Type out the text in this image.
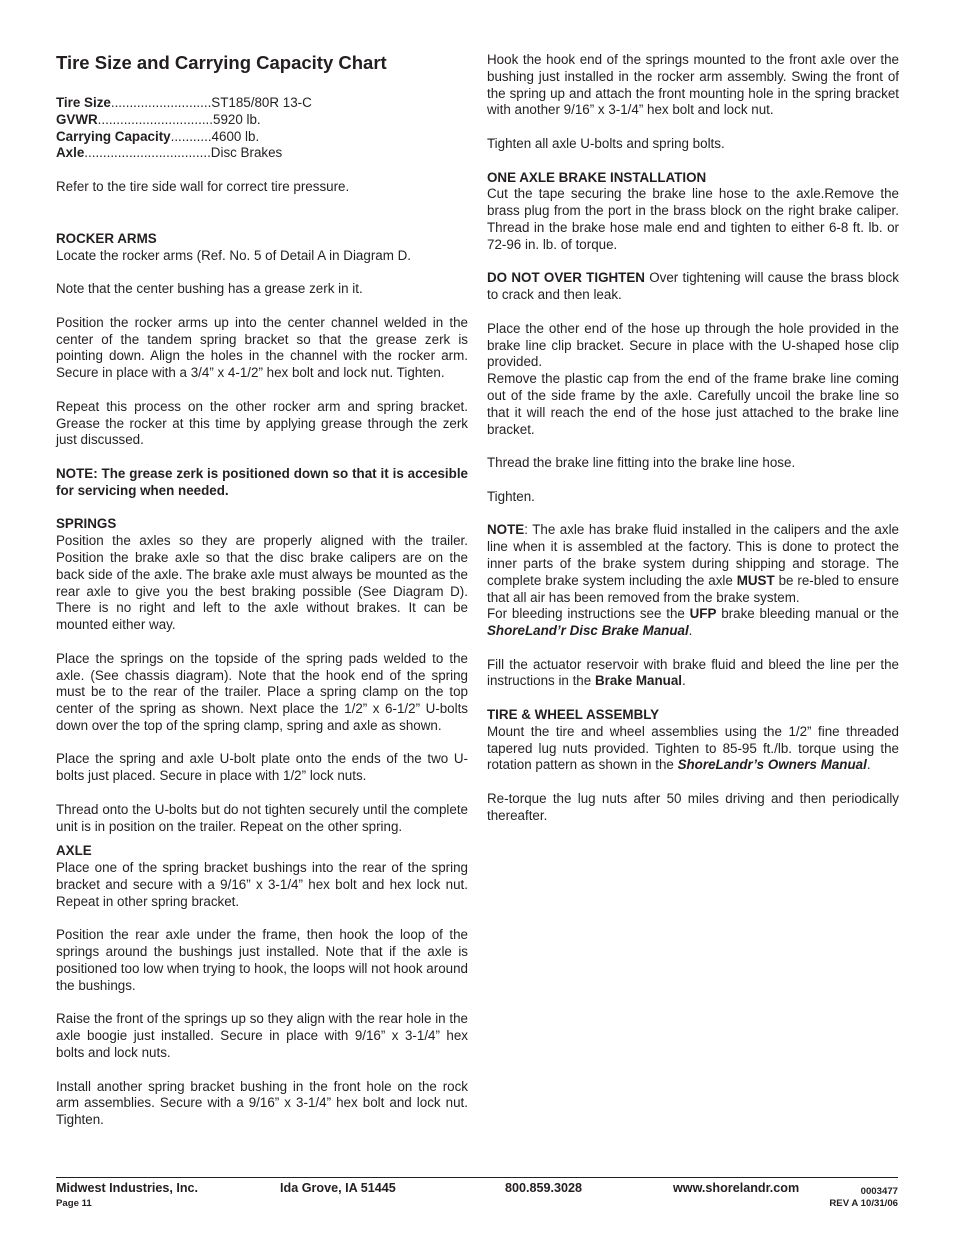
Tire Size and Carrying Capacity Chart
Tire Size ........................... ST185/80R 13-C
GVWR ............................... 5920 lb.
Carrying Capacity ........... 4600 lb.
Axle .................................. Disc Brakes

Refer to the tire side wall for correct tire pressure.

ROCKER ARMS
Locate the rocker arms (Ref. No. 5 of Detail A in Diagram D.

Note that the center bushing has a grease zerk in it.

Position the rocker arms up into the center channel welded in the center of the tandem spring bracket so that the grease zerk is pointing down. Align the holes in the channel with the rocker arm. Secure in place with a 3/4” x 4-1/2” hex bolt and lock nut. Tighten.

Repeat this process on the other rocker arm and spring bracket. Grease the rocker at this time by applying grease through the zerk just discussed.

NOTE: The grease zerk is positioned down so that it is accesible for servicing when needed.

SPRINGS
Position the axles so they are properly aligned with the trailer. Position the brake axle so that the disc brake calipers are on the back side of the axle. The brake axle must always be mounted as the rear axle to give you the best braking possible (See Diagram D). There is no right and left to the axle without brakes. It can be mounted either way.

Place the springs on the topside of the spring pads welded to the axle. (See chassis diagram). Note that the hook end of the spring must be to the rear of the trailer. Place a spring clamp on the top center of the spring as shown. Next place the 1/2” x 6-1/2” U-bolts down over the top of the spring clamp, spring and axle as shown.

Place the spring and axle U-bolt plate onto the ends of the two U-bolts just placed. Secure in place with 1/2” lock nuts.

Thread onto the U-bolts but do not tighten securely until the complete unit is in position on the trailer. Repeat on the other spring.

AXLE
Place one of the spring bracket bushings into the rear of the spring bracket and secure with a 9/16” x 3-1/4” hex bolt and hex lock nut. Repeat in other spring bracket.

Position the rear axle under the frame, then hook the loop of the springs around the bushings just installed. Note that if the axle is positioned too low when trying to hook, the loops will not hook around the bushings.

Raise the front of the springs up so they align with the rear hole in the axle boogie just installed. Secure in place with 9/16” x 3-1/4” hex bolts and lock nuts.

Install another spring bracket bushing in the front hole on the rock arm assemblies. Secure with a 9/16” x 3-1/4” hex bolt and lock nut. Tighten.

Hook the hook end of the springs mounted to the front axle over the bushing just installed in the rocker arm assembly. Swing the front of the spring up and attach the front mounting hole in the spring bracket with another 9/16” x 3-1/4” hex bolt and lock nut.

Tighten all axle U-bolts and spring bolts.

ONE AXLE BRAKE INSTALLATION
Cut the tape securing the brake line hose to the axle.Remove the brass plug from the port in the brass block on the right brake caliper. Thread in the brake hose male end and tighten to either 6-8 ft. lb. or 72-96 in. lb. of torque.

DO NOT OVER TIGHTEN Over tightening will cause the brass block to crack and then leak.

Place the other end of the hose up through the hole provided in the brake line clip bracket. Secure in place with the U-shaped hose clip provided.

Remove the plastic cap from the end of the frame brake line coming out of the side frame by the axle. Carefully uncoil the brake line so that it will reach the end of the hose just attached to the brake line bracket.

Thread the brake line fitting into the brake line hose.

Tighten.

NOTE: The axle has brake fluid installed in the calipers and the axle line when it is assembled at the factory. This is done to protect the inner parts of the brake system during shipping and storage. The complete brake system including the axle MUST be re-bled to ensure that all air has been removed from the brake system.

For bleeding instructions see the UFP brake bleeding manual or the ShoreLand’r Disc Brake Manual.

Fill the actuator reservoir with brake fluid and bleed the line per the instructions in the Brake Manual.

TIRE & WHEEL ASSEMBLY
Mount the tire and wheel assemblies using the 1/2” fine threaded tapered lug nuts provided. Tighten to 85-95 ft./lb. torque using the rotation pattern as shown in the ShoreLandr’s Owners Manual.

Re-torque the lug nuts after 50 miles driving and then periodically thereafter.

Midwest Industries, Inc.	Ida Grove, IA 51445	800.859.3028	www.shorelandr.com	0003477
Page 11	REV A 10/31/06
